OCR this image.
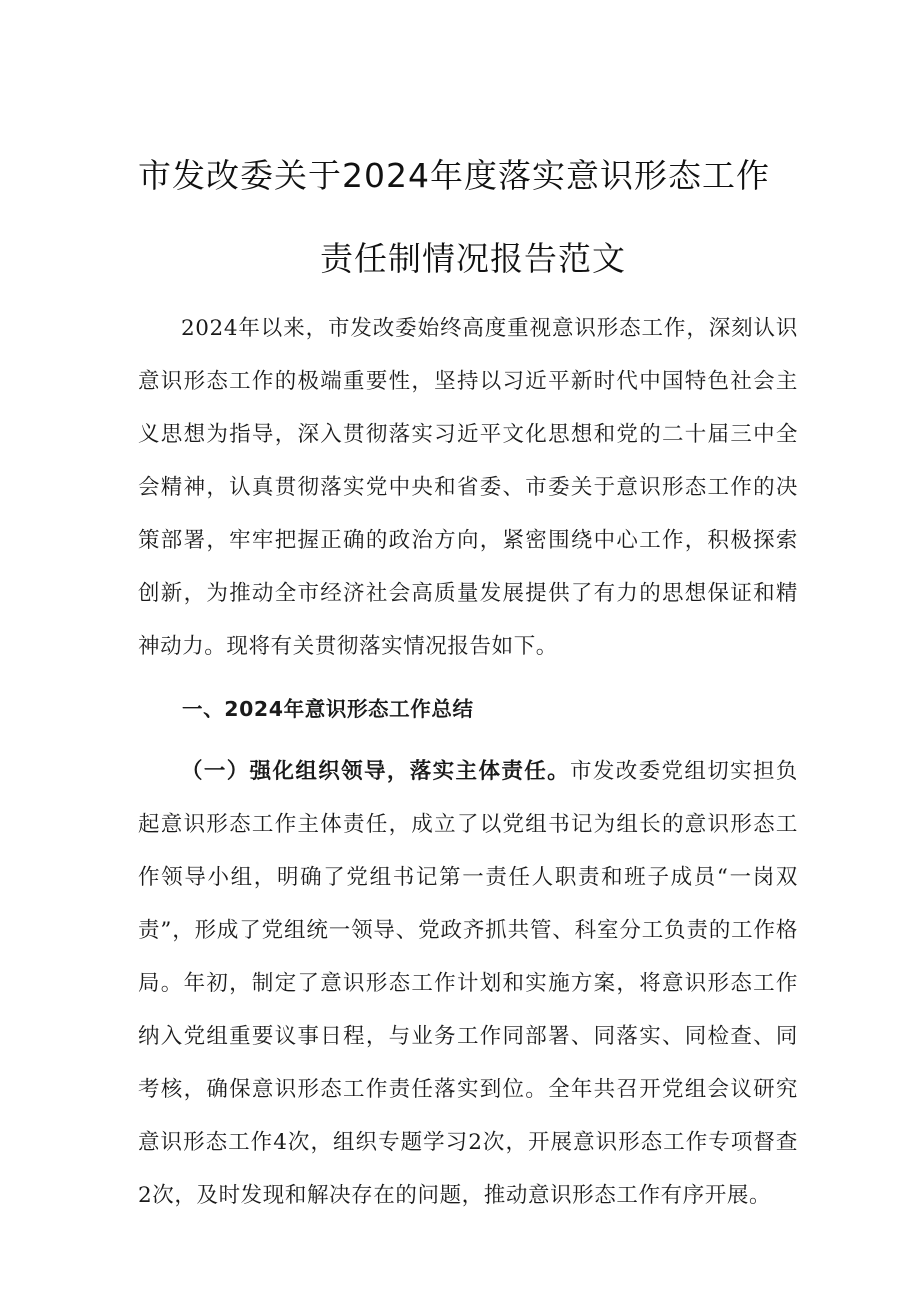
市发改委关于2024年度落实意识形态工作
责任制情况报告范文

2024年以来，市发改委始终高度重视意识形态工作，深刻认识意识形态工作的极端重要性，坚持以习近平新时代中国特色社会主义思想为指导，深入贯彻落实习近平文化思想和党的二十届三中全会精神，认真贯彻落实党中央和省委、市委关于意识形态工作的决策部署，牢牢把握正确的政治方向，紧密围绕中心工作，积极探索创新，为推动全市经济社会高质量发展提供了有力的思想保证和精神动力。现将有关贯彻落实情况报告如下。

一、2024年意识形态工作总结

（一）强化组织领导，落实主体责任。市发改委党组切实担负起意识形态工作主体责任，成立了以党组书记为组长的意识形态工作领导小组，明确了党组书记第一责任人职责和班子成员“一岗双责”，形成了党组统一领导、党政齐抓共管、科室分工负责的工作格局。年初，制定了意识形态工作计划和实施方案，将意识形态工作纳入党组重要议事日程，与业务工作同部署、同落实、同检查、同考核，确保意识形态工作责任落实到位。全年共召开党组会议研究意识形态工作4次，组织专题学习2次，开展意识形态工作专项督查2次，及时发现和解决存在的问题，推动意识形态工作有序开展。
